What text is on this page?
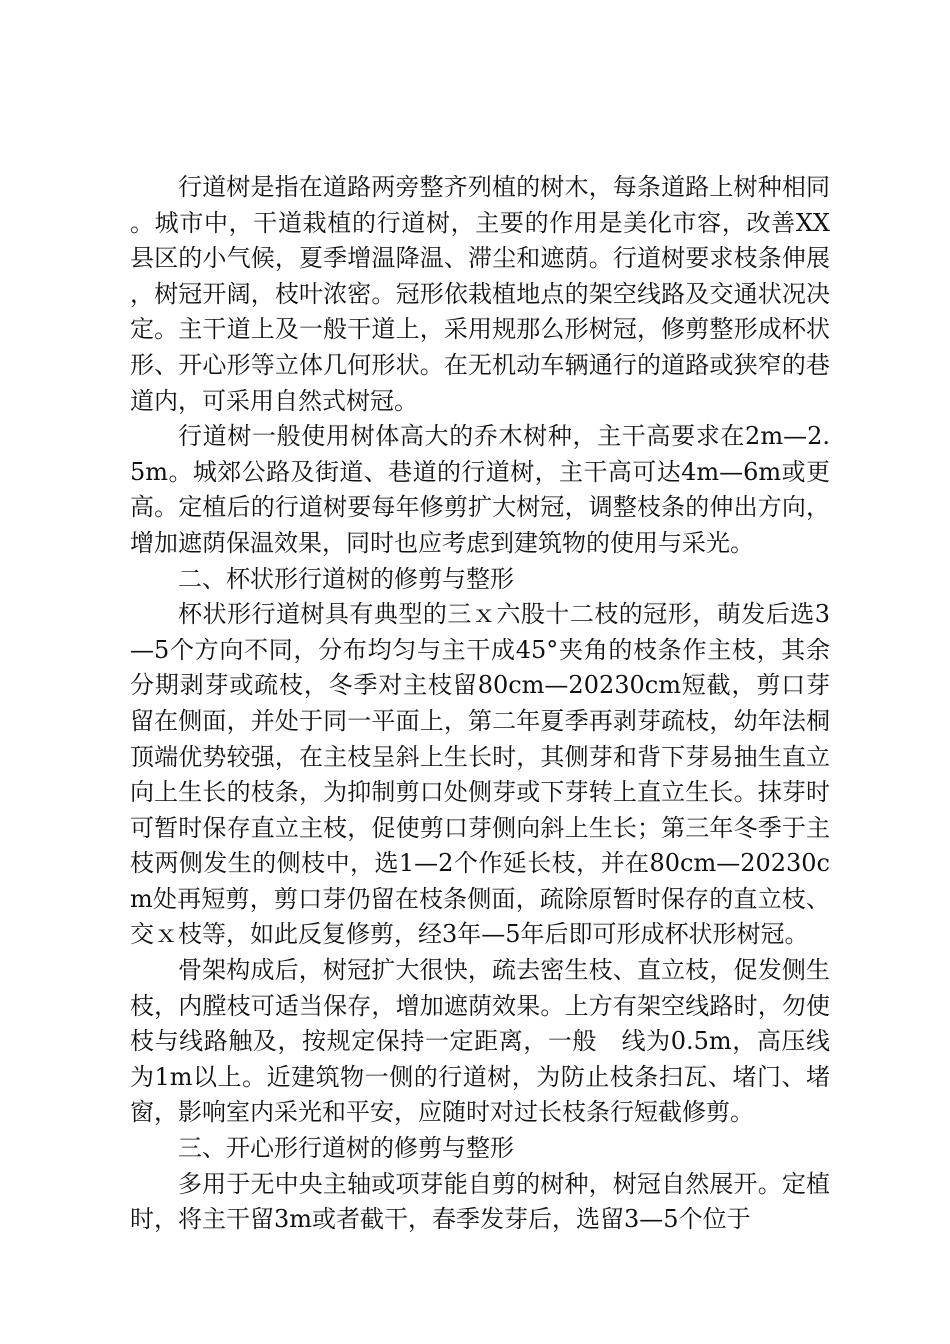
行道树是指在道路两旁整齐列植的树木，每条道路上树种相同。城市中，干道栽植的行道树，主要的作用是美化市容，改善XX县区的小气候，夏季增温降温、滞尘和遮荫。行道树要求枝条伸展，树冠开阔，枝叶浓密。冠形依栽植地点的架空线路及交通状况决定。主干道上及一般干道上，采用规那么形树冠，修剪整形成杯状形、开心形等立体几何形状。在无机动车辆通行的道路或狭窄的巷道内，可采用自然式树冠。

行道树一般使用树体高大的乔木树种，主干高要求在2m—2.5m。城郊公路及街道、巷道的行道树，主干高可达4m—6m或更高。定植后的行道树要每年修剪扩大树冠，调整枝条的伸出方向，增加遮荫保温效果，同时也应考虑到建筑物的使用与采光。

二、杯状形行道树的修剪与整形

杯状形行道树具有典型的三ｘ六股十二枝的冠形，萌发后选3—5个方向不同，分布均匀与主干成45°夹角的枝条作主枝，其余分期剥芽或疏枝，冬季对主枝留80cm—20230cm短截，剪口芽留在侧面，并处于同一平面上，第二年夏季再剥芽疏枝，幼年法桐顶端优势较强，在主枝呈斜上生长时，其侧芽和背下芽易抽生直立向上生长的枝条，为抑制剪口处侧芽或下芽转上直立生长。抹芽时可暂时保存直立主枝，促使剪口芽侧向斜上生长；第三年冬季于主枝两侧发生的侧枝中，选1—2个作延长枝，并在80cm—20230cm处再短剪，剪口芽仍留在枝条侧面，疏除原暂时保存的直立枝、交ｘ枝等，如此反复修剪，经3年—5年后即可形成杯状形树冠。

骨架构成后，树冠扩大很快，疏去密生枝、直立枝，促发侧生枝，内膛枝可适当保存，增加遮荫效果。上方有架空线路时，勿使枝与线路触及，按规定保持一定距离，一般　线为0.5m，高压线为1m以上。近建筑物一侧的行道树，为防止枝条扫瓦、堵门、堵窗，影响室内采光和平安，应随时对过长枝条行短截修剪。

三、开心形行道树的修剪与整形

多用于无中央主轴或项芽能自剪的树种，树冠自然展开。定植时，将主干留3m或者截干，春季发芽后，选留3—5个位于
